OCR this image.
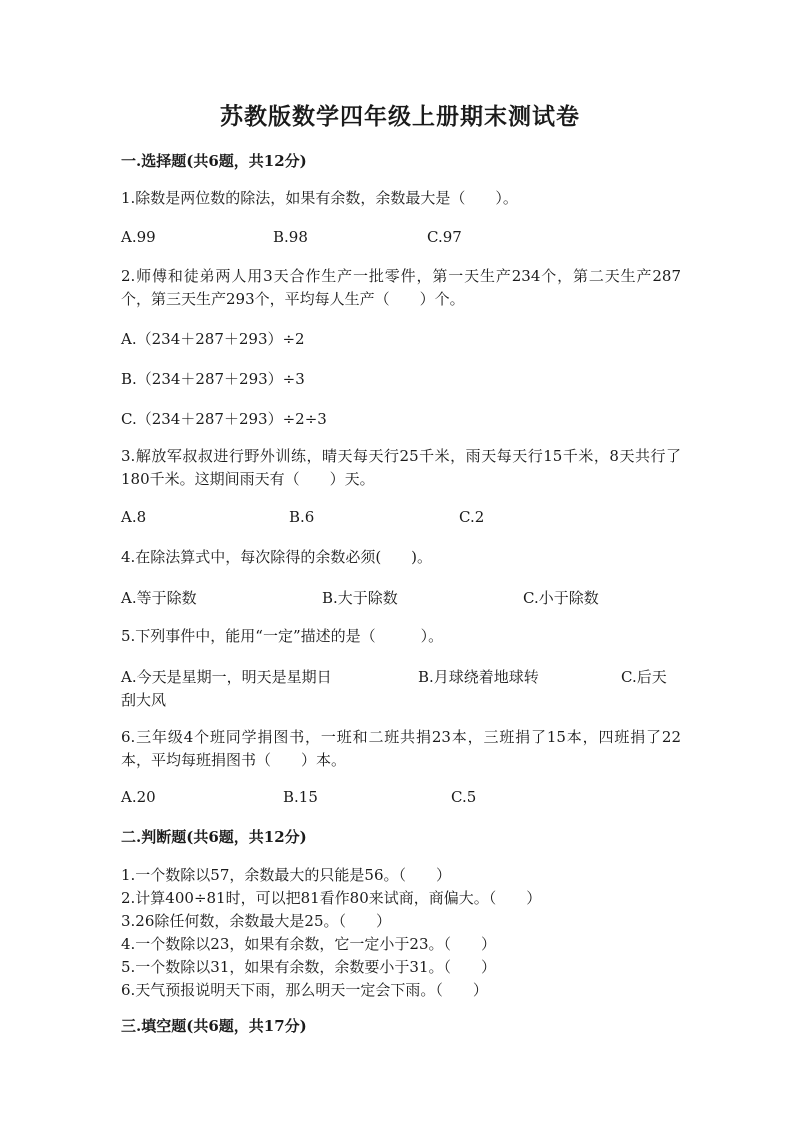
苏教版数学四年级上册期末测试卷
一.选择题(共6题，共12分)
1.除数是两位数的除法，如果有余数，余数最大是（　　）。
A.99	B.98	C.97
2.师傅和徒弟两人用3天合作生产一批零件，第一天生产234个，第二天生产287个，第三天生产293个，平均每人生产（　　）个。
A.（234＋287＋293）÷2
B.（234＋287＋293）÷3
C.（234＋287＋293）÷2÷3
3.解放军叔叔进行野外训练，晴天每天行25千米，雨天每天行15千米，8天共行了180千米。这期间雨天有（　　）天。
A.8	B.6	C.2
4.在除法算式中，每次除得的余数必须(　　)。
A.等于除数	B.大于除数	C.小于除数
5.下列事件中，能用“一定”描述的是（　　　）。
A.今天是星期一，明天是星期日	B.月球绕着地球转	C.后天刮大风
6.三年级4个班同学捐图书，一班和二班共捐23本，三班捐了15本，四班捐了22本，平均每班捐图书（　　）本。
A.20	B.15	C.5
二.判断题(共6题，共12分)
1.一个数除以57，余数最大的只能是56。（　　）
2.计算400÷81时，可以把81看作80来试商，商偏大。（　　）
3.26除任何数，余数最大是25。（　　）
4.一个数除以23，如果有余数，它一定小于23。（　　）
5.一个数除以31，如果有余数，余数要小于31。（　　）
6.天气预报说明天下雨，那么明天一定会下雨。（　　）
三.填空题(共6题，共17分)
